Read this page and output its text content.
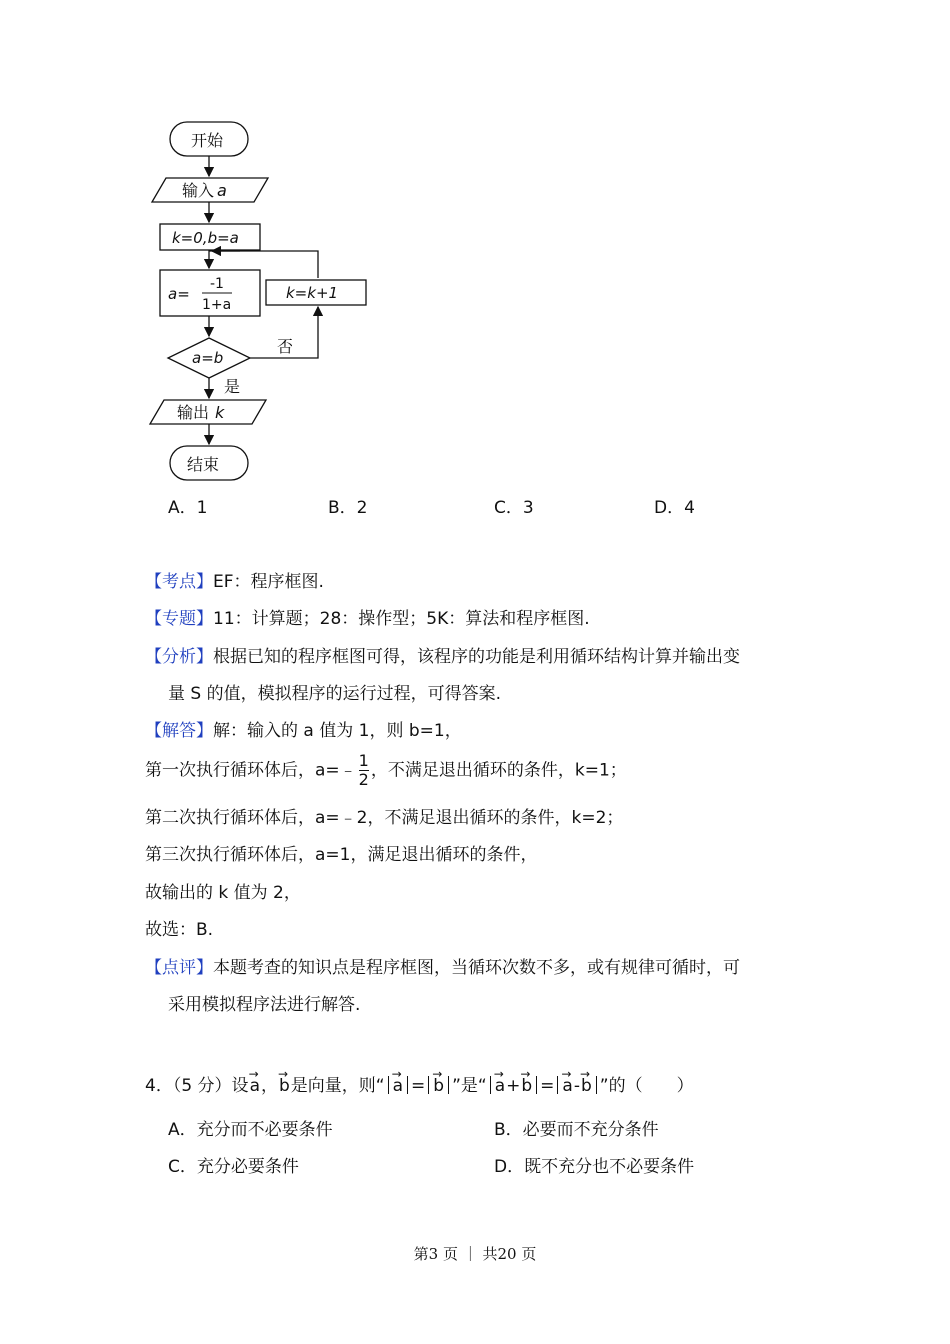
开始
输入 a
k=0,b=a
a=
-1
1+a
k=k+1
a=b
否
是
输出 k
结束
A．1	B．2	C．3	D．4
【考点】EF：程序框图.
【专题】11：计算题；28：操作型；5K：算法和程序框图.
【分析】根据已知的程序框图可得，该程序的功能是利用循环结构计算并输出变
量 S 的值，模拟程序的运行过程，可得答案.
【解答】解：输入的 a 值为 1，则 b=1，
第一次执行循环体后，a=﹣ $\frac{1}{2}$ ，不满足退出循环的条件，k=1；
第二次执行循环体后，a=﹣2，不满足退出循环的条件，k=2；
第三次执行循环体后，a=1，满足退出循环的条件，
故输出的 k 值为 2，
故选：B.
【点评】本题考查的知识点是程序框图，当循环次数不多，或有规律可循时，可
采用模拟程序法进行解答.
4．（5 分）设→ a，→ b是向量，则“ → a = → b ”是“ → a+→ b = → a-→ b ”的（　　）
A．充分而不必要条件	B．必要而不充分条件
C．充分必要条件	D．既不充分也不必要条件
第3 页 ｜ 共20 页
